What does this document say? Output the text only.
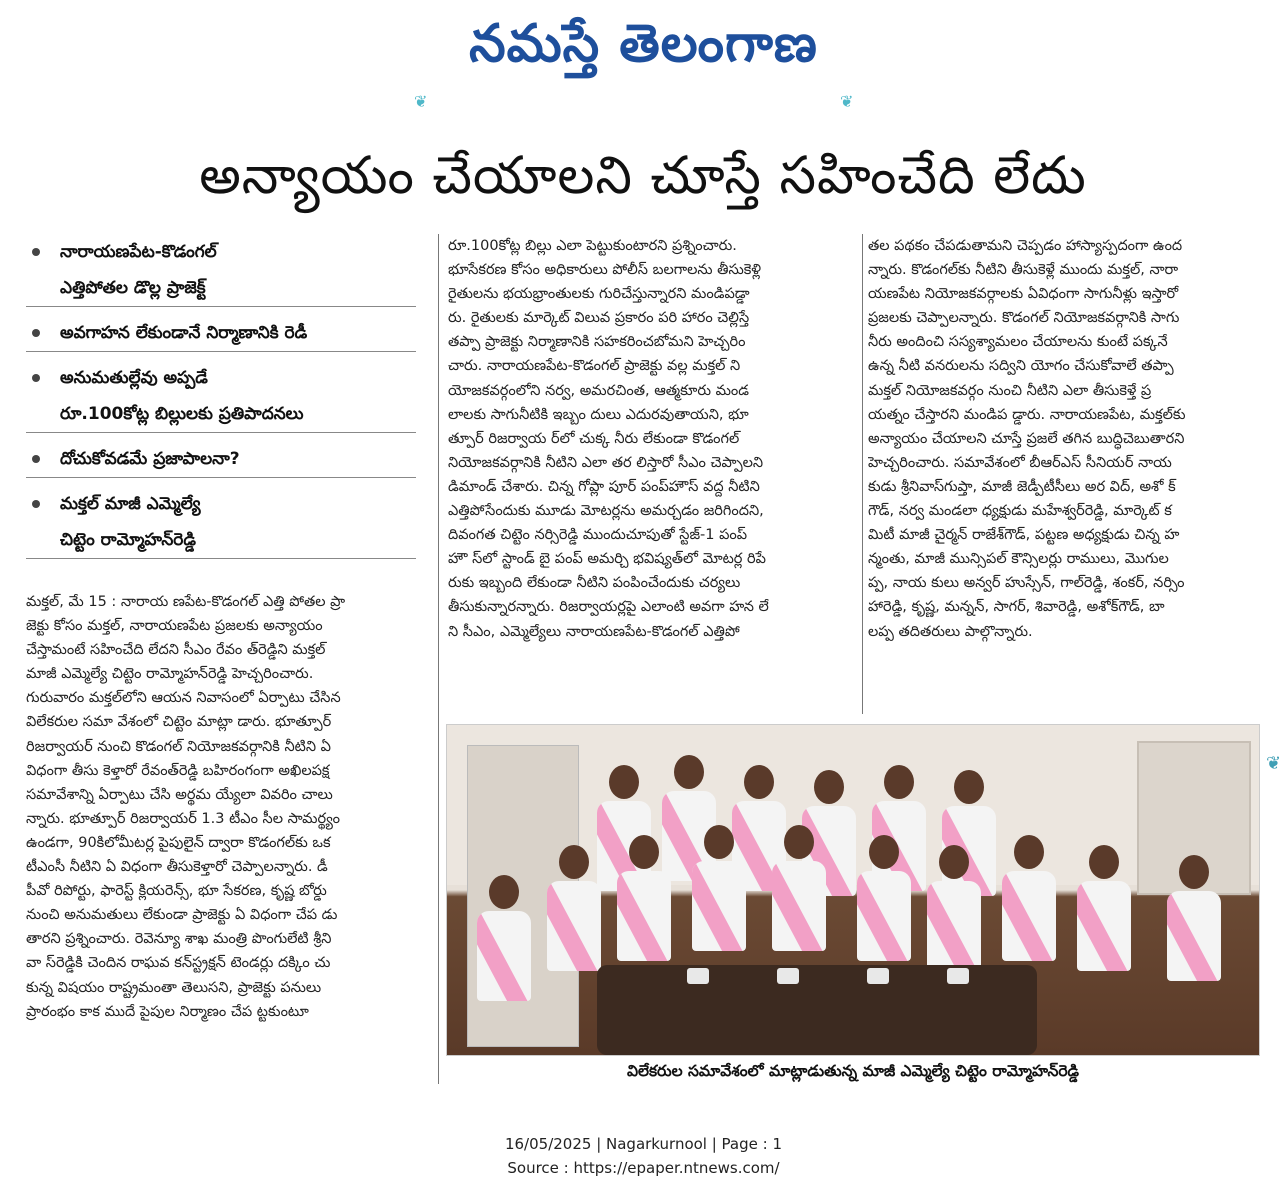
నమస్తే తెలంగాణ
❦	❦
అన్యాయం చేయాలని చూస్తే సహించేది లేదు
నారాయణపేట-కొడంగల్
ఎత్తిపోతల డొల్ల ప్రాజెక్ట్
అవగాహన లేకుండానే నిర్మాణానికి రెడీ
అనుమతుల్లేవు అప్పడే
రూ.100కోట్ల బిల్లులకు ప్రతిపాదనలు
దోచుకోవడమే ప్రజాపాలనా?
మక్తల్ మాజీ ఎమ్మెల్యే
చిట్టెం రామ్మోహన్‌రెడ్డి
మక్తల్, మే 15 : నారాయ ణపేట-కొడంగల్ ఎత్తి పోతల ప్రా
జెక్టు కోసం మక్తల్, నారాయణపేట ప్రజలకు అన్యాయం
చేస్తామంటే సహించేది లేదని సీఎం రేవం త్‌రెడ్డిని మక్తల్
మాజీ ఎమ్మెల్యే చిట్టెం రామ్మోహన్‌రెడ్డి హెచ్చరించారు.
గురువారం మక్తల్‌లోని ఆయన నివాసంలో ఏర్పాటు చేసిన
విలేకరుల సమా వేశంలో చిట్టెం మాట్లా డారు. భూత్పూర్
రిజర్వాయర్ నుంచి కొడంగల్ నియోజకవర్గానికి నీటిని ఏ
విధంగా తీసు కెళ్తారో రేవంత్‌రెడ్డి బహిరంగంగా అఖిలపక్ష
సమావేశాన్ని ఏర్పాటు చేసి అర్థమ య్యేలా వివరిం చాలు
న్నారు. భూత్పూర్ రిజర్వాయర్ 1.3 టీఎం సీల సామర్థ్యం
ఉండగా, 90కిలోమీటర్ల పైపులైన్ ద్వారా కొడంగల్‌కు ఒక
టీఎంసీ నీటిని ఏ విధంగా తీసుకెళ్తారో చెప్పాలన్నారు. డీ
పీవో రిపోర్టు, ఫారెస్ట్ క్లియరెన్స్, భూ సేకరణ, కృష్ణ బోర్డు
నుంచి అనుమతులు లేకుండా ప్రాజెక్టు ఏ విధంగా చేప డు
తారని ప్రశ్నించారు. రెవెన్యూ శాఖ మంత్రి పొంగులేటి శ్రీని
వా స్‌రెడ్డికి చెందిన రాఘవ కన్‌స్ట్రక్షన్ టెండర్లు దక్కిం చు
కున్న విషయం రాష్ట్రమంతా తెలుసని, ప్రాజెక్టు పనులు
ప్రారంభం కాక ముదే పైపుల నిర్మాణం చేప ట్టకుంటూ
రూ.100కోట్ల బిల్లు ఎలా పెట్టుకుంటారని ప్రశ్నించారు.
భూసేకరణ కోసం అధికారులు పోలీస్ బలగాలను తీసుకెళ్లి
రైతులను భయభ్రాంతులకు గురిచేస్తున్నారని మండిపడ్డా
రు. రైతులకు మార్కెట్ విలువ ప్రకారం పరి హారం చెల్లిస్తే
తప్పా ప్రాజెక్టు నిర్మాణానికి సహకరించబోమని హెచ్చరిం
చారు. నారాయణపేట-కొడంగల్ ప్రాజెక్టు వల్ల మక్తల్ ని
యోజకవర్గంలోని నర్వ, అమరచింత, ఆత్మకూరు మండ
లాలకు సాగునీటికి ఇబ్బం దులు ఎదురవుతాయని, భూ
త్పూర్ రిజర్వాయ ర్‌లో చుక్క నీరు లేకుండా కొడంగల్
నియోజకవర్గానికి నీటిని ఎలా తర లిస్తారో సీఎం చెప్పాలని
డిమాండ్ చేశారు. చిన్న గోప్లా పూర్ పంప్‌హౌస్ వద్ద నీటిని
ఎత్తిపోసేందుకు మూడు మోటర్లను అమర్చడం జరిగిందని,
దివంగత చిట్టెం నర్సిరెడ్డి ముందుచూపుతో స్టేజ్-1 పంప్
హౌ స్‌లో స్టాండ్ బై పంప్ అమర్చి భవిష్యత్‌లో మోటర్ల రిపే
రుకు ఇబ్బంది లేకుండా నీటిని పంపించేందుకు చర్యలు
తీసుకున్నారన్నారు. రిజర్వాయర్లపై ఎలాంటి అవగా హన లే
ని సీఎం, ఎమ్మెల్యేలు నారాయణపేట-కొడంగల్ ఎత్తిపో
తల పథకం చేపడుతామని చెప్పడం హాస్యాస్పదంగా ఉంద
న్నారు. కొడంగల్‌కు నీటిని తీసుకెళ్లే ముందు మక్తల్, నారా
యణపేట నియోజకవర్గాలకు ఏవిధంగా సాగునీళ్లు ఇస్తారో
ప్రజలకు చెప్పాలన్నారు. కొడంగల్ నియోజకవర్గానికి సాగు
నీరు అందించి సస్యశ్యామలం చేయాలను కుంటే పక్కనే
ఉన్న నీటి వనరులను సద్విని యోగం చేసుకోవాలే తప్పా
మక్తల్ నియోజకవర్గం నుంచి నీటిని ఎలా తీసుకెళ్తే ప్ర
యత్నం చేస్తారని మండిప డ్డారు. నారాయణపేట, మక్తల్‌కు
అన్యాయం చేయాలని చూస్తే ప్రజలే తగిన బుద్ధిచెబుతారని
హెచ్చరించారు. సమావేశంలో బీఆర్‌ఎస్ సీనియర్ నాయ
కుడు శ్రీనివాస్‌గుప్తా, మాజీ జెడ్పీటీసీలు అర విద్, అశో క్
గౌడ్, నర్వ మండలా ధ్యక్షుడు మహేశ్వర్‌రెడ్డి, మార్కెట్ క
మిటీ మాజీ చైర్మన్ రాజేశ్‌గౌడ్, పట్టణ అధ్యక్షుడు చిన్న హ
న్మంతు, మాజీ మున్సిపల్ కౌన్సిలర్లు రాములు, మొగుల
ప్ప, నాయ కులు అన్వర్ హుస్సేన్, గాల్‌రెడ్డి, శంకర్, నర్సిం
హారెడ్డి, కృష్ణ, మన్నన్, సాగర్, శివారెడ్డి, అశోక్‌గౌడ్, బా
లప్ప తదితరులు పాల్గొన్నారు.
విలేకరుల సమావేశంలో మాట్లాడుతున్న మాజీ ఎమ్మెల్యే చిట్టెం రామ్మోహన్‌రెడ్డి
❦
16/05/2025 | Nagarkurnool | Page : 1
Source : https://epaper.ntnews.com/
